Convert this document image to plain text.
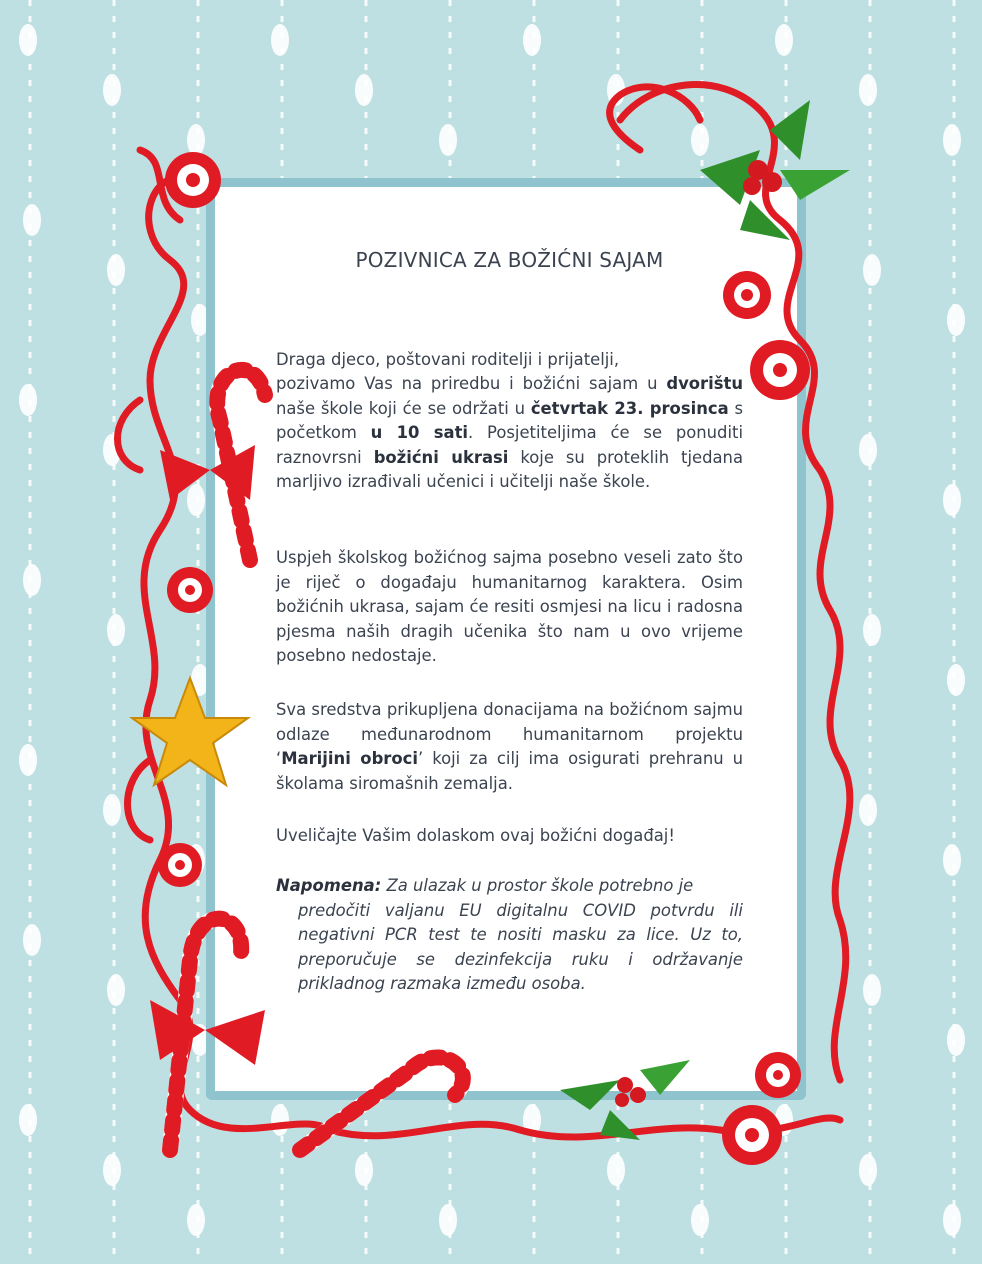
POZIVNICA ZA BOŽIĆNI SAJAM

Draga djeco, poštovani roditelji i prijatelji,

pozivamo Vas na priredbu i božićni sajam u dvorištu naše škole koji će se održati u četvrtak 23. prosinca s početkom u 10 sati. Posjetiteljima će se ponuditi raznovrsni božićni ukrasi koje su proteklih tjedana marljivo izrađivali učenici i učitelji naše škole.

Uspjeh školskog božićnog sajma posebno veseli zato što je riječ o događaju humanitarnog karaktera. Osim božićnih ukrasa, sajam će resiti osmjesi na licu i radosna pjesma naših dragih učenika što nam u ovo vrijeme posebno nedostaje.

Sva sredstva prikupljena donacijama na božićnom sajmu odlaze međunarodnom humanitarnom projektu ‘Marijini obroci’ koji za cilj ima osigurati prehranu u školama siromašnih zemalja.

Uveličajte Vašim dolaskom ovaj božićni događaj!

Napomena: Za ulazak u prostor škole potrebno je
predočiti valjanu EU digitalnu COVID potvrdu ili negativni PCR test te nositi masku za lice. Uz to, preporučuje se dezinfekcija ruku i održavanje prikladnog razmaka između osoba.
